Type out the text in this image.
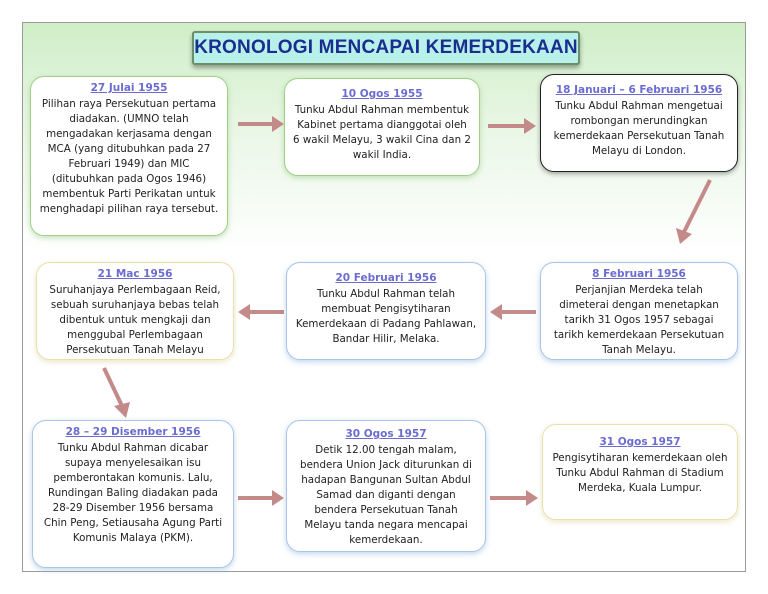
KRONOLOGI MENCAPAI KEMERDEKAAN
27 Julai 1955
Pilihan raya Persekutuan pertama diadakan. (UMNO telah mengadakan kerjasama dengan MCA (yang ditubuhkan pada 27 Februari 1949) dan MIC (ditubuhkan pada Ogos 1946) membentuk Parti Perikatan untuk menghadapi pilihan raya tersebut.
10 Ogos 1955
Tunku Abdul Rahman membentuk Kabinet pertama dianggotai oleh 6 wakil Melayu, 3 wakil Cina dan 2 wakil India.
18 Januari – 6 Februari 1956
Tunku Abdul Rahman mengetuai rombongan merundingkan kemerdekaan Persekutuan Tanah Melayu di London.
21 Mac 1956
Suruhanjaya Perlembagaan Reid, sebuah suruhanjaya bebas telah dibentuk untuk mengkaji dan menggubal Perlembagaan Persekutuan Tanah Melayu
20 Februari 1956
Tunku Abdul Rahman telah membuat Pengisytiharan Kemerdekaan di Padang Pahlawan, Bandar Hilir, Melaka.
8 Februari 1956
Perjanjian Merdeka telah dimeterai dengan menetapkan tarikh 31 Ogos 1957 sebagai tarikh kemerdekaan Persekutuan Tanah Melayu.
28 – 29 Disember 1956
Tunku Abdul Rahman dicabar supaya menyelesaikan isu pemberontakan komunis. Lalu, Rundingan Baling diadakan pada 28-29 Disember 1956 bersama Chin Peng, Setiausaha Agung Parti Komunis Malaya (PKM).
30 Ogos 1957
Detik 12.00 tengah malam, bendera Union Jack diturunkan di hadapan Bangunan Sultan Abdul Samad dan diganti dengan bendera Persekutuan Tanah Melayu tanda negara mencapai kemerdekaan.
31 Ogos 1957
Pengisytiharan kemerdekaan oleh Tunku Abdul Rahman di Stadium Merdeka, Kuala Lumpur.
